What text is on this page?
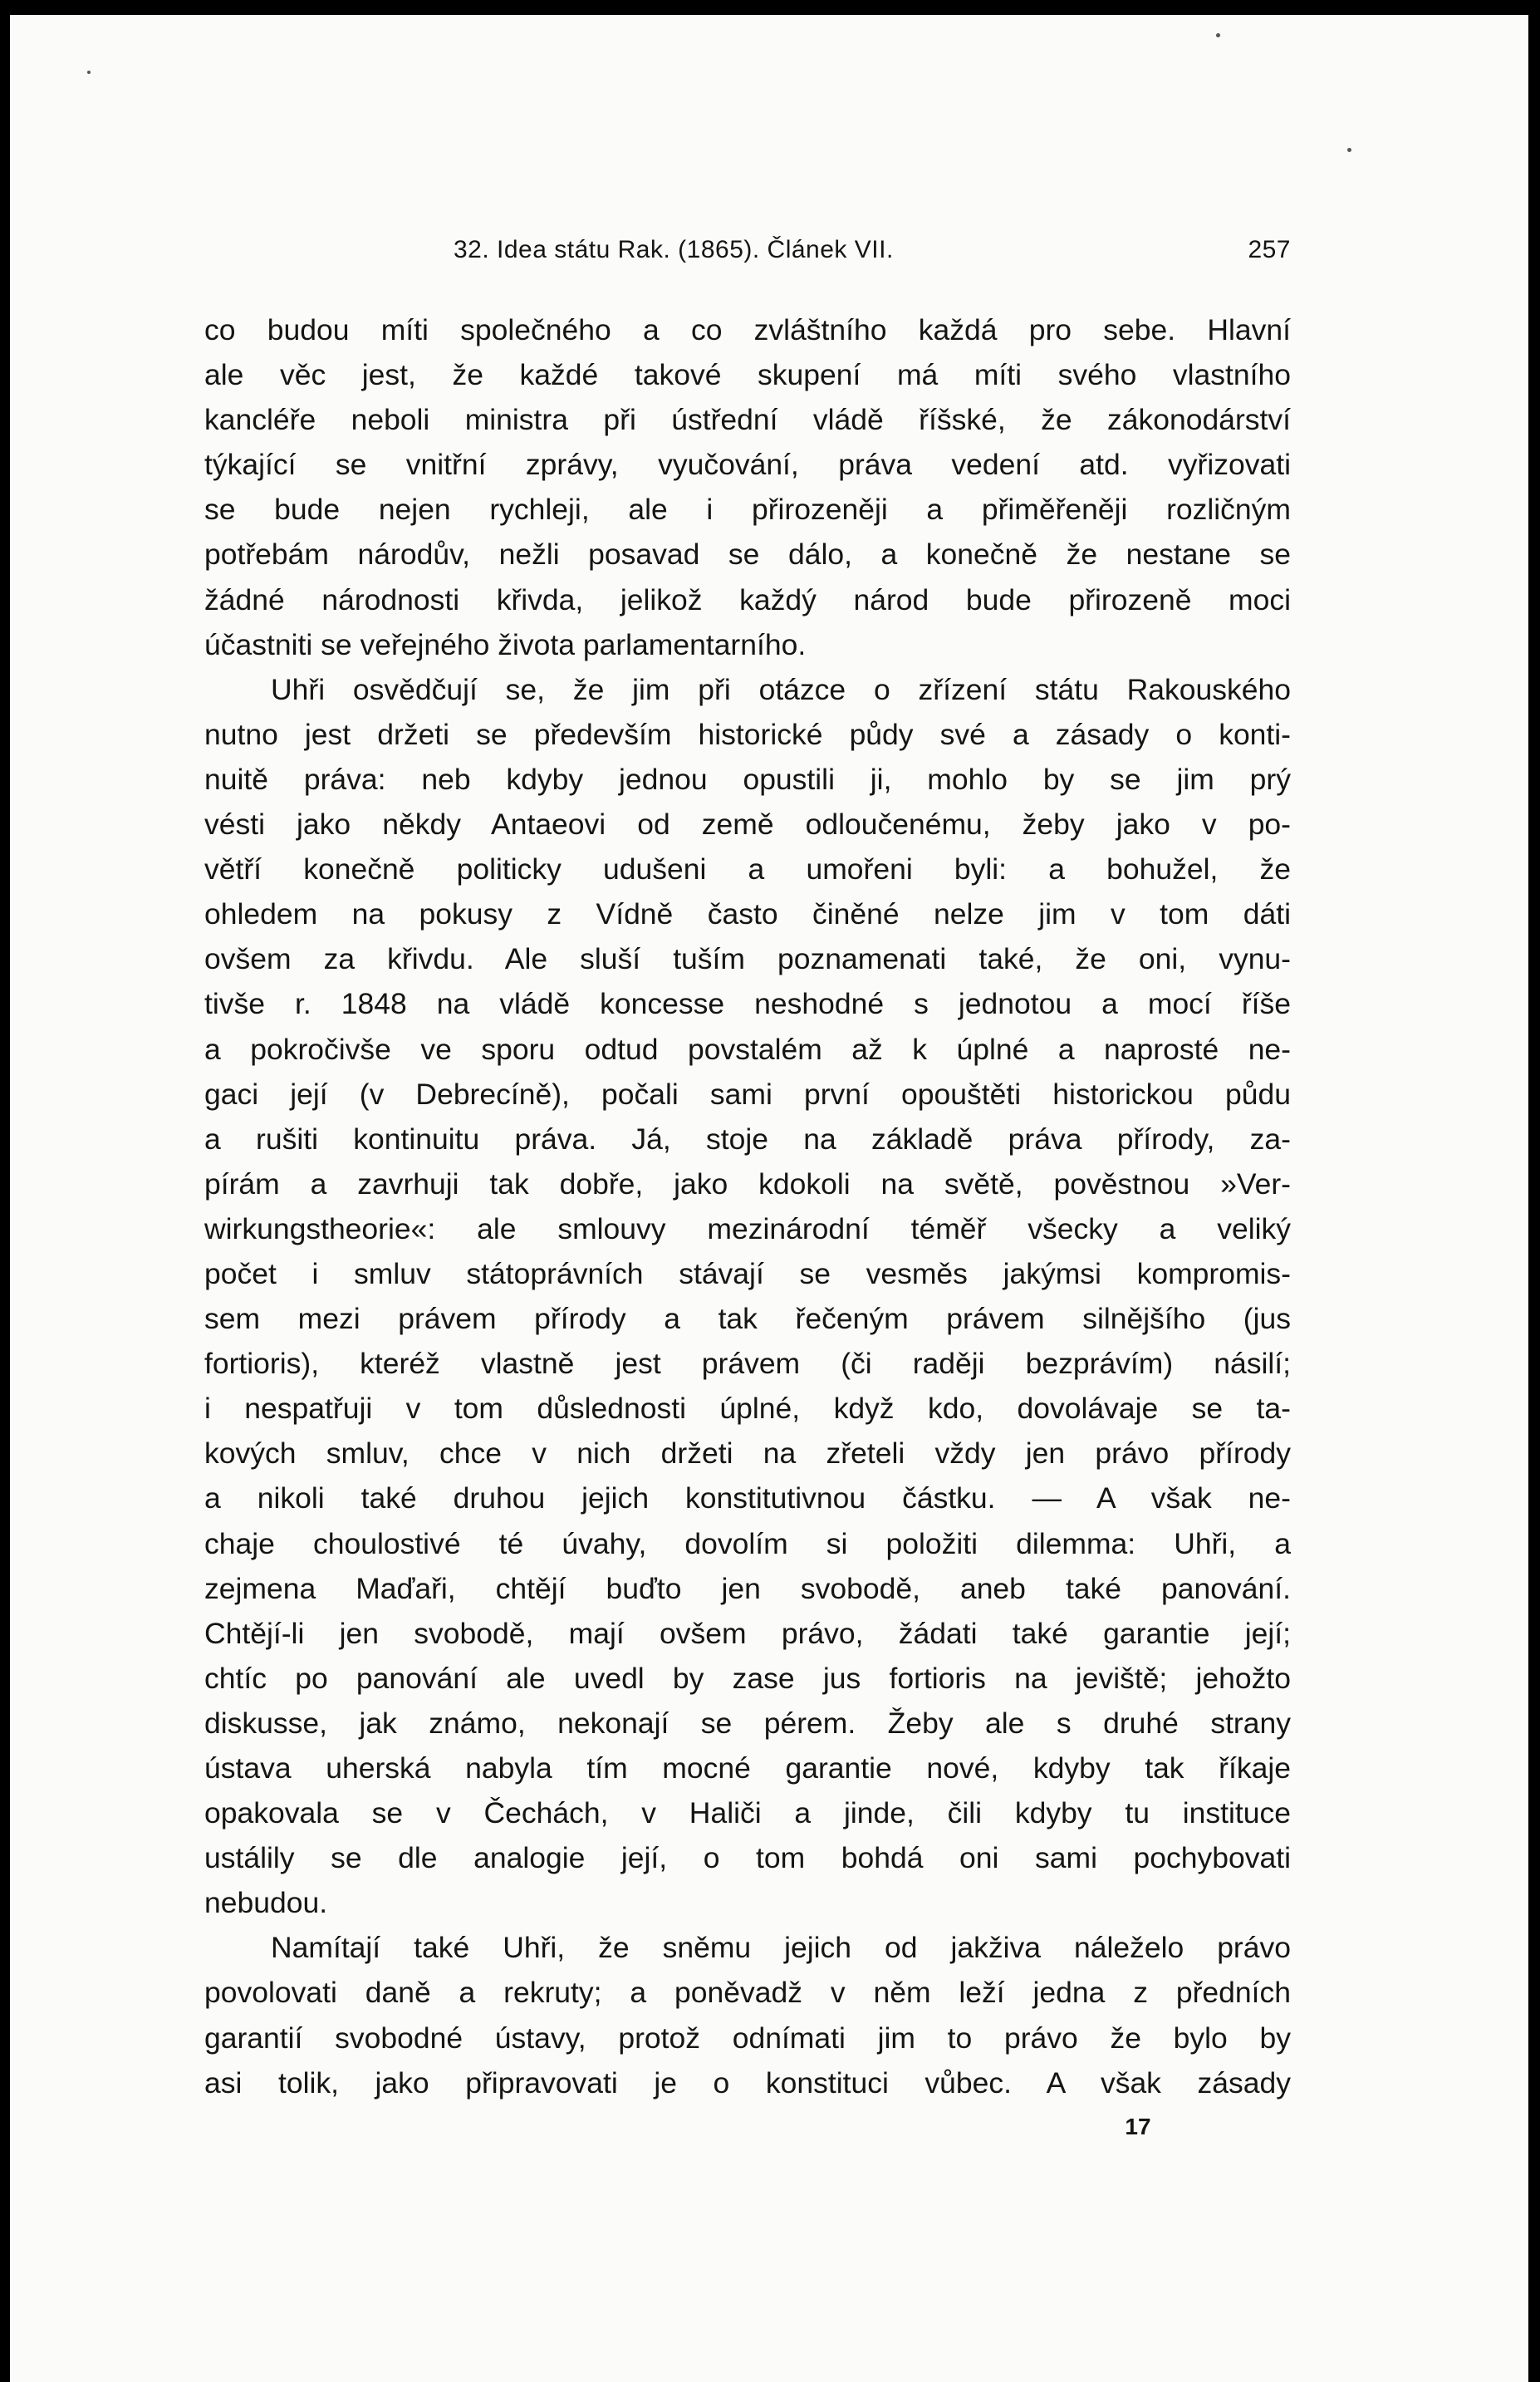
32. Idea státu Rak. (1865). Článek VII.	257
co budou míti společného a co zvláštního každá pro sebe. Hlavní
ale věc jest, že každé takové skupení má míti svého vlastního
kancléře neboli ministra při ústřední vládě říšské, že zákonodárství
týkající se vnitřní zprávy, vyučování, práva vedení atd. vyřizovati
se bude nejen rychleji, ale i přirozeněji a přiměřeněji rozličným
potřebám národův, nežli posavad se dálo, a konečně že nestane se
žádné národnosti křivda, jelikož každý národ bude přirozeně moci
účastniti se veřejného života parlamentarního.
Uhři osvědčují se, že jim při otázce o zřízení státu Rakouského
nutno jest držeti se především historické půdy své a zásady o konti-
nuitě práva: neb kdyby jednou opustili ji, mohlo by se jim prý
vésti jako někdy Antaeovi od země odloučenému, žeby jako v po-
větří konečně politicky udušeni a umořeni byli: a bohužel, že
ohledem na pokusy z Vídně často činěné nelze jim v tom dáti
ovšem za křivdu. Ale sluší tuším poznamenati také, že oni, vynu-
tivše r. 1848 na vládě koncesse neshodné s jednotou a mocí říše
a pokročivše ve sporu odtud povstalém až k úplné a naprosté ne-
gaci její (v Debrecíně), počali sami první opouštěti historickou půdu
a rušiti kontinuitu práva. Já, stoje na základě práva přírody, za-
pírám a zavrhuji tak dobře, jako kdokoli na světě, pověstnou »Ver-
wirkungstheorie«: ale smlouvy mezinárodní téměř všecky a veliký
počet i smluv státoprávních stávají se vesměs jakýmsi kompromis-
sem mezi právem přírody a tak řečeným právem silnějšího (jus
fortioris), kteréž vlastně jest právem (či raději bezprávím) násilí;
i nespatřuji v tom důslednosti úplné, když kdo, dovolávaje se ta-
kových smluv, chce v nich držeti na zřeteli vždy jen právo přírody
a nikoli také druhou jejich konstitutivnou částku. — A však ne-
chaje choulostivé té úvahy, dovolím si položiti dilemma: Uhři, a
zejmena Maďaři, chtějí buďto jen svobodě, aneb také panování.
Chtějí-li jen svobodě, mají ovšem právo, žádati také garantie její;
chtíc po panování ale uvedl by zase jus fortioris na jeviště; jehožto
diskusse, jak známo, nekonají se pérem. Žeby ale s druhé strany
ústava uherská nabyla tím mocné garantie nové, kdyby tak říkaje
opakovala se v Čechách, v Haliči a jinde, čili kdyby tu instituce
ustálily se dle analogie její, o tom bohdá oni sami pochybovati
nebudou.
Namítají také Uhři, že sněmu jejich od jakživa náleželo právo
povolovati daně a rekruty; a poněvadž v něm leží jedna z předních
garantií svobodné ústavy, protož odnímati jim to právo že bylo by
asi tolik, jako připravovati je o konstituci vůbec. A však zásady
17
